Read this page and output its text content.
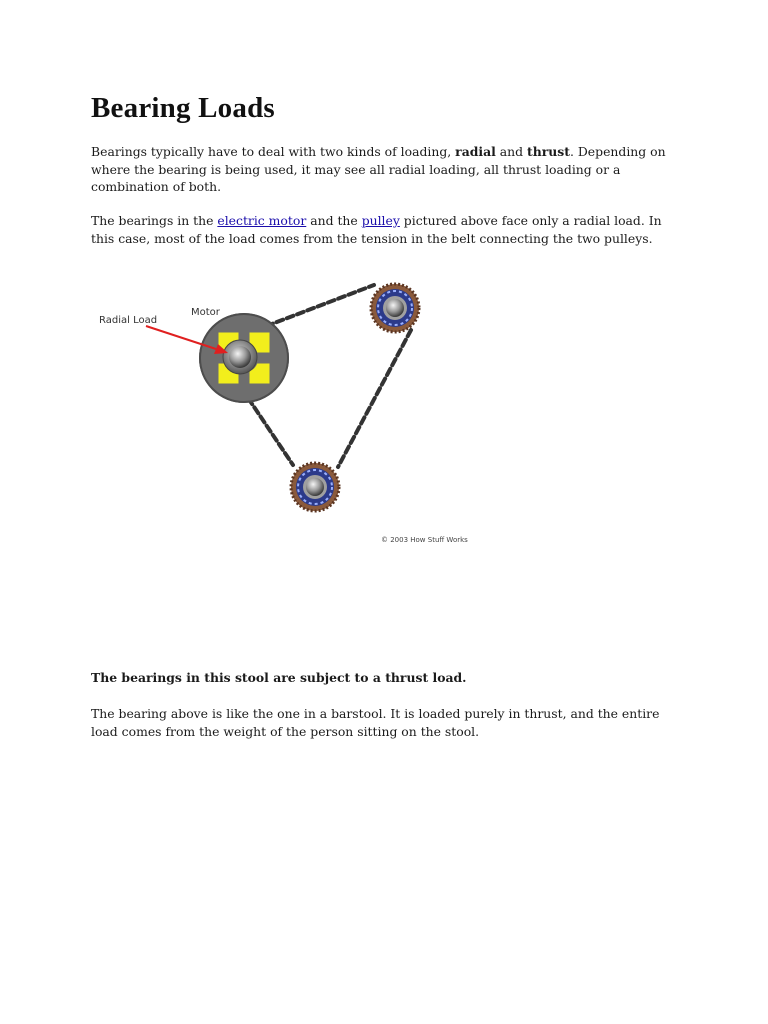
Bearing Loads

Bearings typically have to deal with two kinds of loading, radial and thrust. Depending on where the bearing is being used, it may see all radial loading, all thrust loading or a combination of both.

The bearings in the electric motor and the pulley pictured above face only a radial load. In this case, most of the load comes from the tension in the belt connecting the two pulleys.

Radial Load
Motor
© 2003 How Stuff Works

The bearings in this stool are subject to a thrust load.

The bearing above is like the one in a barstool. It is loaded purely in thrust, and the entire load comes from the weight of the person sitting on the stool.
